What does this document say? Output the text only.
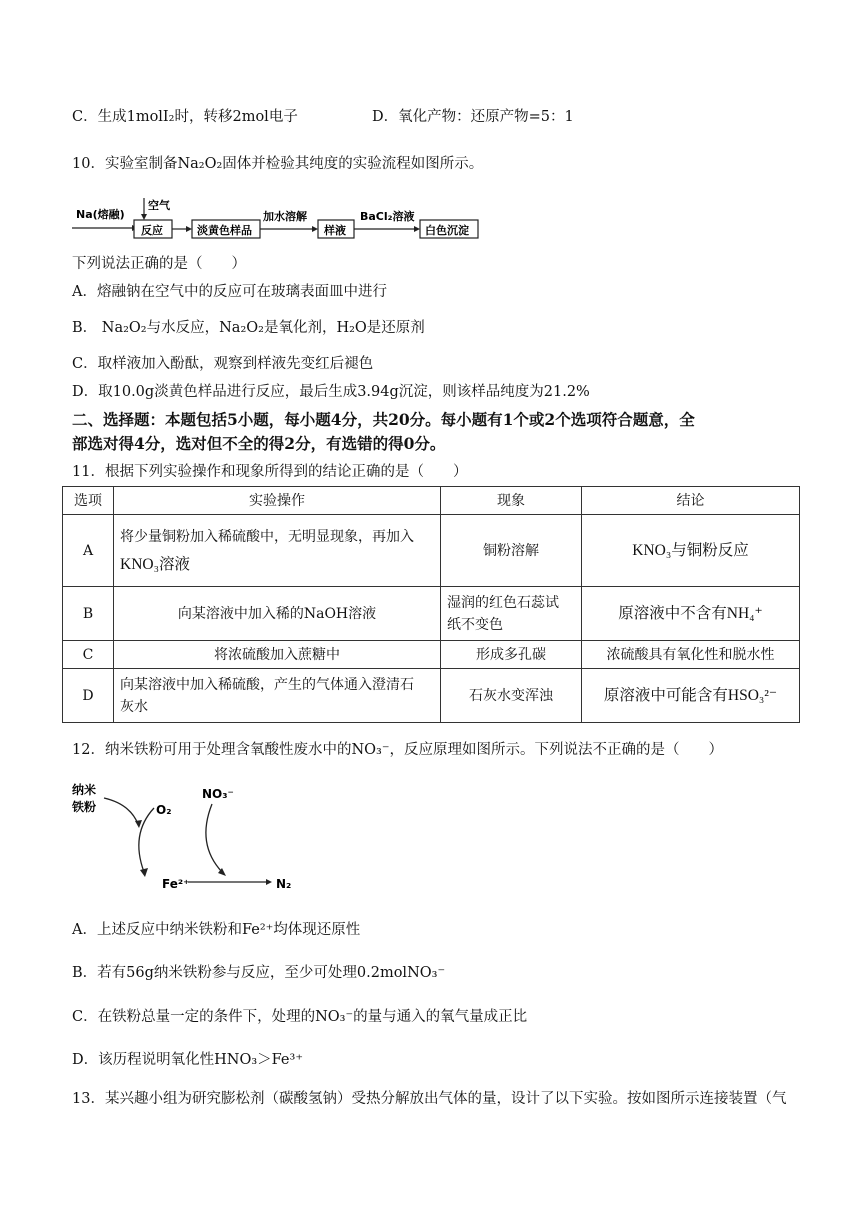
C．生成1molI₂时，转移2mol电子	D．氧化产物：还原产物=5：1
10．实验室制备Na₂O₂固体并检验其纯度的实验流程如图所示。
Na(熔融)
空气
反应	淡黄色样品
加水溶解
样液
BaCl₂溶液
白色沉淀
下列说法正确的是（　　）
A．熔融钠在空气中的反应可在玻璃表面皿中进行
B． Na₂O₂与水反应，Na₂O₂是氧化剂，H₂O是还原剂
C．取样液加入酚酞，观察到样液先变红后褪色
D．取10.0g淡黄色样品进行反应，最后生成3.94g沉淀，则该样品纯度为21.2%
二、选择题：本题包括5小题，每小题4分，共20分。每小题有1个或2个选项符合题意，全
部选对得4分，选对但不全的得2分，有选错的得0分。
11．根据下列实验操作和现象所得到的结论正确的是（　　）
选项	实验操作	现象	结论
A	将少量铜粉加入稀硫酸中，无明显现象，再加入
KNO₃溶液	铜粉溶解	KNO₃与铜粉反应
B	向某溶液中加入稀的NaOH溶液	湿润的红色石蕊试
纸不变色	原溶液中不含有NH₄⁺
C	将浓硫酸加入蔗糖中	形成多孔碳	浓硫酸具有氧化性和脱水性
D	向某溶液中加入稀硫酸，产生的气体通入澄清石
灰水	石灰水变浑浊	原溶液中可能含有HSO₃²⁻
12．纳米铁粉可用于处理含氧酸性废水中的NO₃⁻，反应原理如图所示。下列说法不正确的是（　　）
纳米
铁粉	O₂
NO₃⁻
Fe²⁺	N₂
A．上述反应中纳米铁粉和Fe²⁺均体现还原性
B．若有56g纳米铁粉参与反应，至少可处理0.2molNO₃⁻
C．在铁粉总量一定的条件下，处理的NO₃⁻的量与通入的氧气量成正比
D．该历程说明氧化性HNO₃＞Fe³⁺
13．某兴趣小组为研究膨松剂（碳酸氢钠）受热分解放出气体的量，设计了以下实验。按如图所示连接装置（气
